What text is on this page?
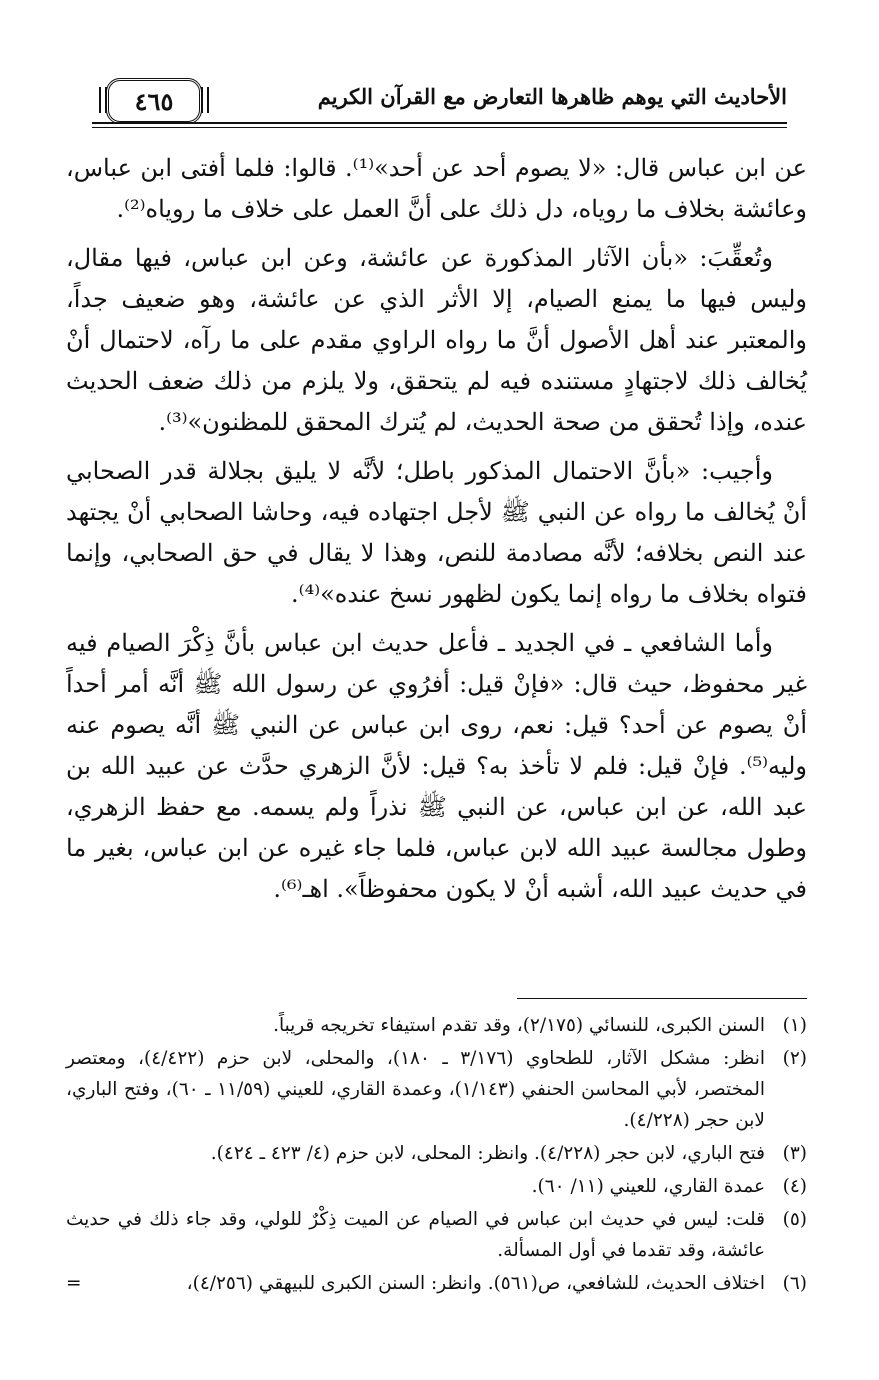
الأحاديث التي يوهم ظاهرها التعارض مع القرآن الكريم
٤٦٥

عن ابن عباس قال: «لا يصوم أحد عن أحد»⁽¹⁾. قالوا: فلما أفتى ابن عباس، وعائشة بخلاف ما روياه، دل ذلك على أنَّ العمل على خلاف ما روياه⁽²⁾.

وتُعقِّبَ: «بأن الآثار المذكورة عن عائشة، وعن ابن عباس، فيها مقال، وليس فيها ما يمنع الصيام، إلا الأثر الذي عن عائشة، وهو ضعيف جداً، والمعتبر عند أهل الأصول أنَّ ما رواه الراوي مقدم على ما رآه، لاحتمال أنْ يُخالف ذلك لاجتهادٍ مستنده فيه لم يتحقق، ولا يلزم من ذلك ضعف الحديث عنده، وإذا تُحقق من صحة الحديث، لم يُترك المحقق للمظنون»⁽³⁾.

وأجيب: «بأنَّ الاحتمال المذكور باطل؛ لأنَّه لا يليق بجلالة قدر الصحابي أنْ يُخالف ما رواه عن النبي ﷺ لأجل اجتهاده فيه، وحاشا الصحابي أنْ يجتهد عند النص بخلافه؛ لأنَّه مصادمة للنص، وهذا لا يقال في حق الصحابي، وإنما فتواه بخلاف ما رواه إنما يكون لظهور نسخ عنده»⁽⁴⁾.

وأما الشافعي ـ في الجديد ـ فأعل حديث ابن عباس بأنَّ ذِكْرَ الصيام فيه غير محفوظ، حيث قال: «فإنْ قيل: أفرُوي عن رسول الله ﷺ أنَّه أمر أحداً أنْ يصوم عن أحد؟ قيل: نعم، روى ابن عباس عن النبي ﷺ أنَّه يصوم عنه وليه⁽⁵⁾. فإنْ قيل: فلم لا تأخذ به؟ قيل: لأنَّ الزهري حدَّث عن عبيد الله بن عبد الله، عن ابن عباس، عن النبي ﷺ نذراً ولم يسمه. مع حفظ الزهري، وطول مجالسة عبيد الله لابن عباس، فلما جاء غيره عن ابن عباس، بغير ما في حديث عبيد الله، أشبه أنْ لا يكون محفوظاً». اهـ⁽⁶⁾.

(١)
السنن الكبرى، للنسائي (٢/١٧٥)، وقد تقدم استيفاء تخريجه قريباً.
(٢)
انظر: مشكل الآثار، للطحاوي (٣/١٧٦ ـ ١٨٠)، والمحلى، لابن حزم (٤/٤٢٢)، ومعتصر المختصر، لأبي المحاسن الحنفي (١/١٤٣)، وعمدة القاري، للعيني (١١/٥٩ ـ ٦٠)، وفتح الباري، لابن حجر (٤/٢٢٨).
(٣)
فتح الباري، لابن حجر (٤/٢٢٨). وانظر: المحلى، لابن حزم (٤/ ٤٢٣ ـ ٤٢٤).
(٤)
عمدة القاري، للعيني (١١/ ٦٠).
(٥)
قلت: ليس في حديث ابن عباس في الصيام عن الميت ذِكْرٌ للولي، وقد جاء ذلك في حديث عائشة، وقد تقدما في أول المسألة.
(٦)
اختلاف الحديث، للشافعي، ص(٥٦١). وانظر: السنن الكبرى للبيهقي (٤/٢٥٦)،
=
